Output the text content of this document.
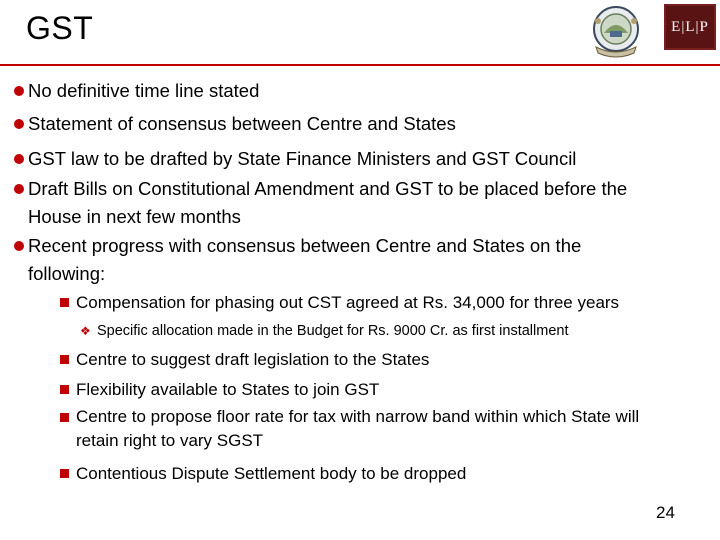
GST	E|L|P
No definitive time line stated
Statement of consensus between Centre and States
GST law to be drafted by State Finance Ministers and GST Council
Draft Bills on Constitutional Amendment and GST to be placed before the
House in next few months
Recent progress with consensus between Centre and States on the
following:
Compensation for phasing out CST agreed at Rs. 34,000 for three years
❖ Specific allocation made in the Budget for Rs. 9000 Cr. as first installment
Centre to suggest draft legislation to the States
Flexibility available to States to join GST
Centre to propose floor rate for tax with narrow band within which State will
retain right to vary SGST
Contentious Dispute Settlement body to be dropped
24
